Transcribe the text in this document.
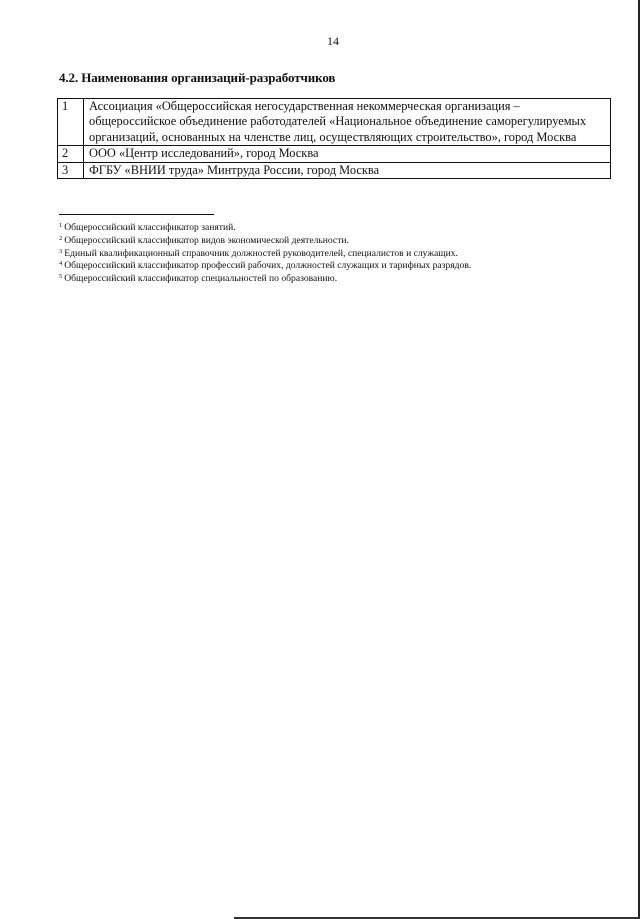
14
4.2. Наименования организаций-разработчиков
1	Ассоциация «Общероссийская негосударственная некоммерческая организация – общероссийское объединение работодателей «Национальное объединение саморегулируемых организаций, основанных на членстве лиц, осуществляющих строительство», город Москва
2	ООО «Центр исследований», город Москва
3	ФГБУ «ВНИИ труда» Минтруда России, город Москва
$^1$ Общероссийский классификатор занятий.
$^2$ Общероссийский классификатор видов экономической деятельности.
$^3$ Единый квалификационный справочник должностей руководителей, специалистов и служащих.
$^4$ Общероссийский классификатор профессий рабочих, должностей служащих и тарифных разрядов.
$^5$ Общероссийский классификатор специальностей по образованию.
